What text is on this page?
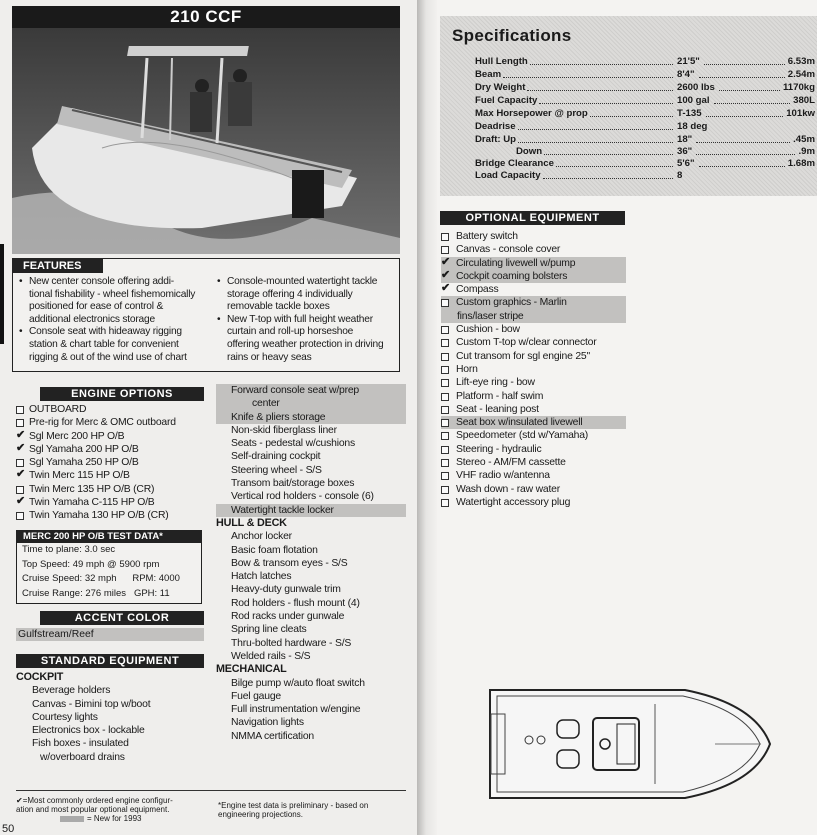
210 CCF
FEATURES
• New center console offering addi-
tional fishability - wheel fishemomically
positioned for ease of control &
additional electronics storage
• Console seat with hideaway rigging
station & chart table for convenient
rigging & out of the wind use of chart
• Console-mounted watertight tackle
storage offering 4 individually
removable tackle boxes
• New T-top with full height weather
curtain and roll-up horseshoe
offering weather protection in driving
rains or heavy seas
ENGINE OPTIONS
OUTBOARD
Pre-rig for Merc & OMC outboard
✔ Sgl Merc 200 HP O/B
✔ Sgl Yamaha 200 HP O/B
Sgl Yamaha 250 HP O/B
✔ Twin Merc 115 HP O/B
Twin Merc 135 HP O/B (CR)
✔ Twin Yamaha C-115 HP O/B
Twin Yamaha 130 HP O/B (CR)
MERC 200 HP O/B TEST DATA*
Time to plane: 3.0 sec
Top Speed: 49 mph @ 5900 rpm
Cruise Speed: 32 mph      RPM: 4000
Cruise Range: 276 miles   GPH: 11
ACCENT COLOR
Gulfstream/Reef
STANDARD EQUIPMENT
COCKPIT
Beverage holders
Canvas - Bimini top w/boot
Courtesy lights
Electronics box - lockable
Fish boxes - insulated
w/overboard drains
Forward console seat w/prep
center
Knife & pliers storage
Non-skid fiberglass liner
Seats - pedestal w/cushions
Self-draining cockpit
Steering wheel - S/S
Transom bait/storage boxes
Vertical rod holders - console (6)
Watertight tackle locker
HULL & DECK
Anchor locker
Basic foam flotation
Bow & transom eyes - S/S
Hatch latches
Heavy-duty gunwale trim
Rod holders - flush mount (4)
Rod racks under gunwale
Spring line cleats
Thru-bolted hardware - S/S
Welded rails - S/S
MECHANICAL
Bilge pump w/auto float switch
Fuel gauge
Full instrumentation w/engine
Navigation lights
NMMA certification
✔=Most commonly ordered engine configur-
ation and most popular optional equipment.
= New for 1993
*Engine test data is preliminary - based on
engineering projections.
50
Specifications
Hull Length	21'5"	6.53m
Beam	8'4"	2.54m
Dry Weight	2600 lbs	1170kg
Fuel Capacity	100 gal	380L
Max Horsepower @ prop	T-135	101kw
Deadrise	18 deg
Draft: Up	18"	.45m
Down	36"	.9m
Bridge Clearance	5'6"	1.68m
Load Capacity	8
OPTIONAL EQUIPMENT
Battery switch
Canvas - console cover
✔ Circulating livewell w/pump
✔ Cockpit coaming bolsters
✔ Compass
Custom graphics - Marlin
fins/laser stripe
Cushion - bow
Custom T-top w/clear connector
Cut transom for sgl engine 25"
Horn
Lift-eye ring - bow
Platform - half swim
Seat - leaning post
Seat box w/insulated livewell
Speedometer (std w/Yamaha)
Steering - hydraulic
Stereo - AM/FM cassette
VHF radio w/antenna
Wash down - raw water
Watertight accessory plug
